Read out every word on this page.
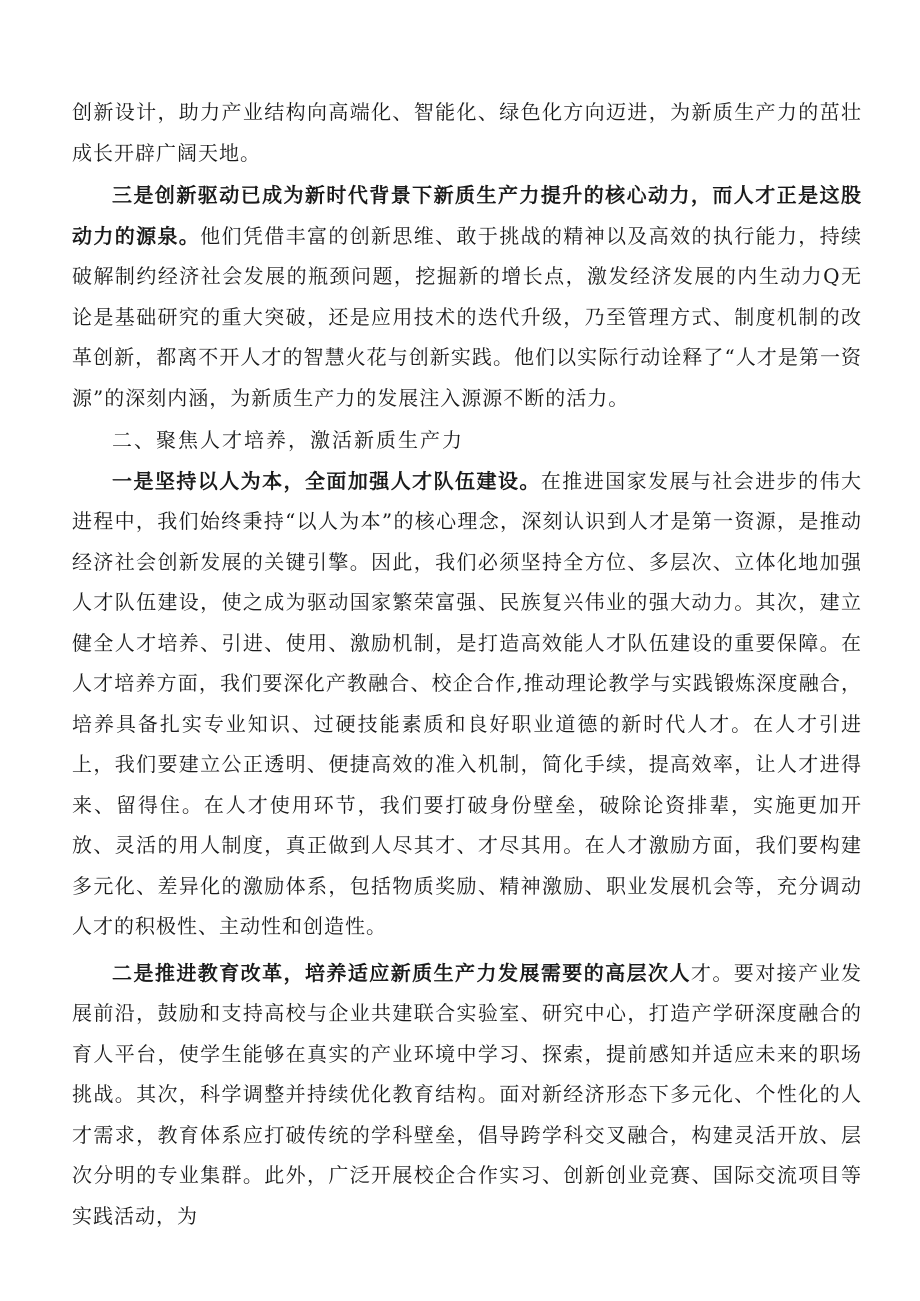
创新设计，助力产业结构向高端化、智能化、绿色化方向迈进，为新质生产力的茁壮成长开辟广阔天地。

三是创新驱动已成为新时代背景下新质生产力提升的核心动力，而人才正是这股动力的源泉。他们凭借丰富的创新思维、敢于挑战的精神以及高效的执行能力，持续破解制约经济社会发展的瓶颈问题，挖掘新的增长点，激发经济发展的内生动力Q无论是基础研究的重大突破，还是应用技术的迭代升级，乃至管理方式、制度机制的改革创新，都离不开人才的智慧火花与创新实践。他们以实际行动诠释了“人才是第一资源”的深刻内涵，为新质生产力的发展注入源源不断的活力。

二、聚焦人才培养，激活新质生产力

一是坚持以人为本，全面加强人才队伍建设。在推进国家发展与社会进步的伟大进程中，我们始终秉持“以人为本”的核心理念，深刻认识到人才是第一资源，是推动经济社会创新发展的关键引擎。因此，我们必须坚持全方位、多层次、立体化地加强人才队伍建设，使之成为驱动国家繁荣富强、民族复兴伟业的强大动力。其次，建立健全人才培养、引进、使用、激励机制，是打造高效能人才队伍建设的重要保障。在人才培养方面，我们要深化产教融合、校企合作,推动理论教学与实践锻炼深度融合，培养具备扎实专业知识、过硬技能素质和良好职业道德的新时代人才。在人才引进上，我们要建立公正透明、便捷高效的准入机制，简化手续，提高效率，让人才进得来、留得住。在人才使用环节，我们要打破身份壁垒，破除论资排辈，实施更加开放、灵活的用人制度，真正做到人尽其才、才尽其用。在人才激励方面，我们要构建多元化、差异化的激励体系，包括物质奖励、精神激励、职业发展机会等，充分调动人才的积极性、主动性和创造性。

二是推进教育改革，培养适应新质生产力发展需要的高层次人才。要对接产业发展前沿，鼓励和支持高校与企业共建联合实验室、研究中心，打造产学研深度融合的育人平台，使学生能够在真实的产业环境中学习、探索，提前感知并适应未来的职场挑战。其次，科学调整并持续优化教育结构。面对新经济形态下多元化、个性化的人才需求，教育体系应打破传统的学科壁垒，倡导跨学科交叉融合，构建灵活开放、层次分明的专业集群。此外，广泛开展校企合作实习、创新创业竞赛、国际交流项目等实践活动，为
